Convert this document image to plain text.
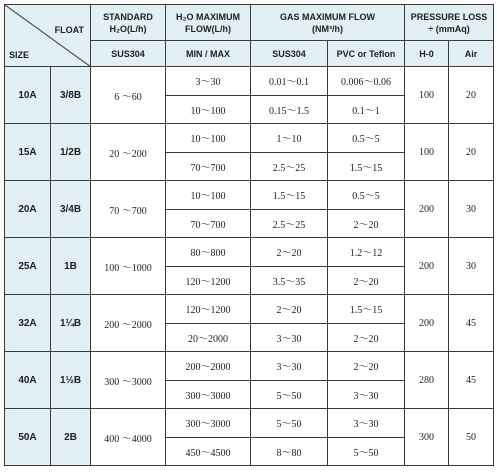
FLOAT
SIZE		STANDARD H₂O(L/h)	H₂O MAXIMUM FLOW(L/h)	GAS MAXIMUM FLOW (NM³/h)		PRESSURE LOSS ÷ (mmAq)	

		SUS304	MIN / MAX	SUS304	PVC or Teflon	H-0	Air
10A	3/8B	6 ～60	3～30	0.01～0.1	0.006～0.06	100	20
			10～100	0.15～1.5	0.1～1		
15A	1/2B	20 ～200	10～100	1～10	0.5～5	100	20
			70～700	2.5～25	1.5～15		
20A	3/4B	70 ～700	10～100	1.5～15	0.5～5	200	30
			70～700	2.5～25	2～20		
25A	1B	100 ～1000	80～800	2～20	1.2～12	200	30
			120～1200	3.5～35	2～20		
32A	1¼B	200 ～2000	120～1200	2～20	1.5～15	200	45
			20～2000	3～30	2～20		
40A	1½B	300 ～3000	200～2000	3～30	2～20	280	45
			300～3000	5～50	3～30		
50A	2B	400 ～4000	300～3000	5～50	3～30	300	50
			450～4500	8～80	5～50		
